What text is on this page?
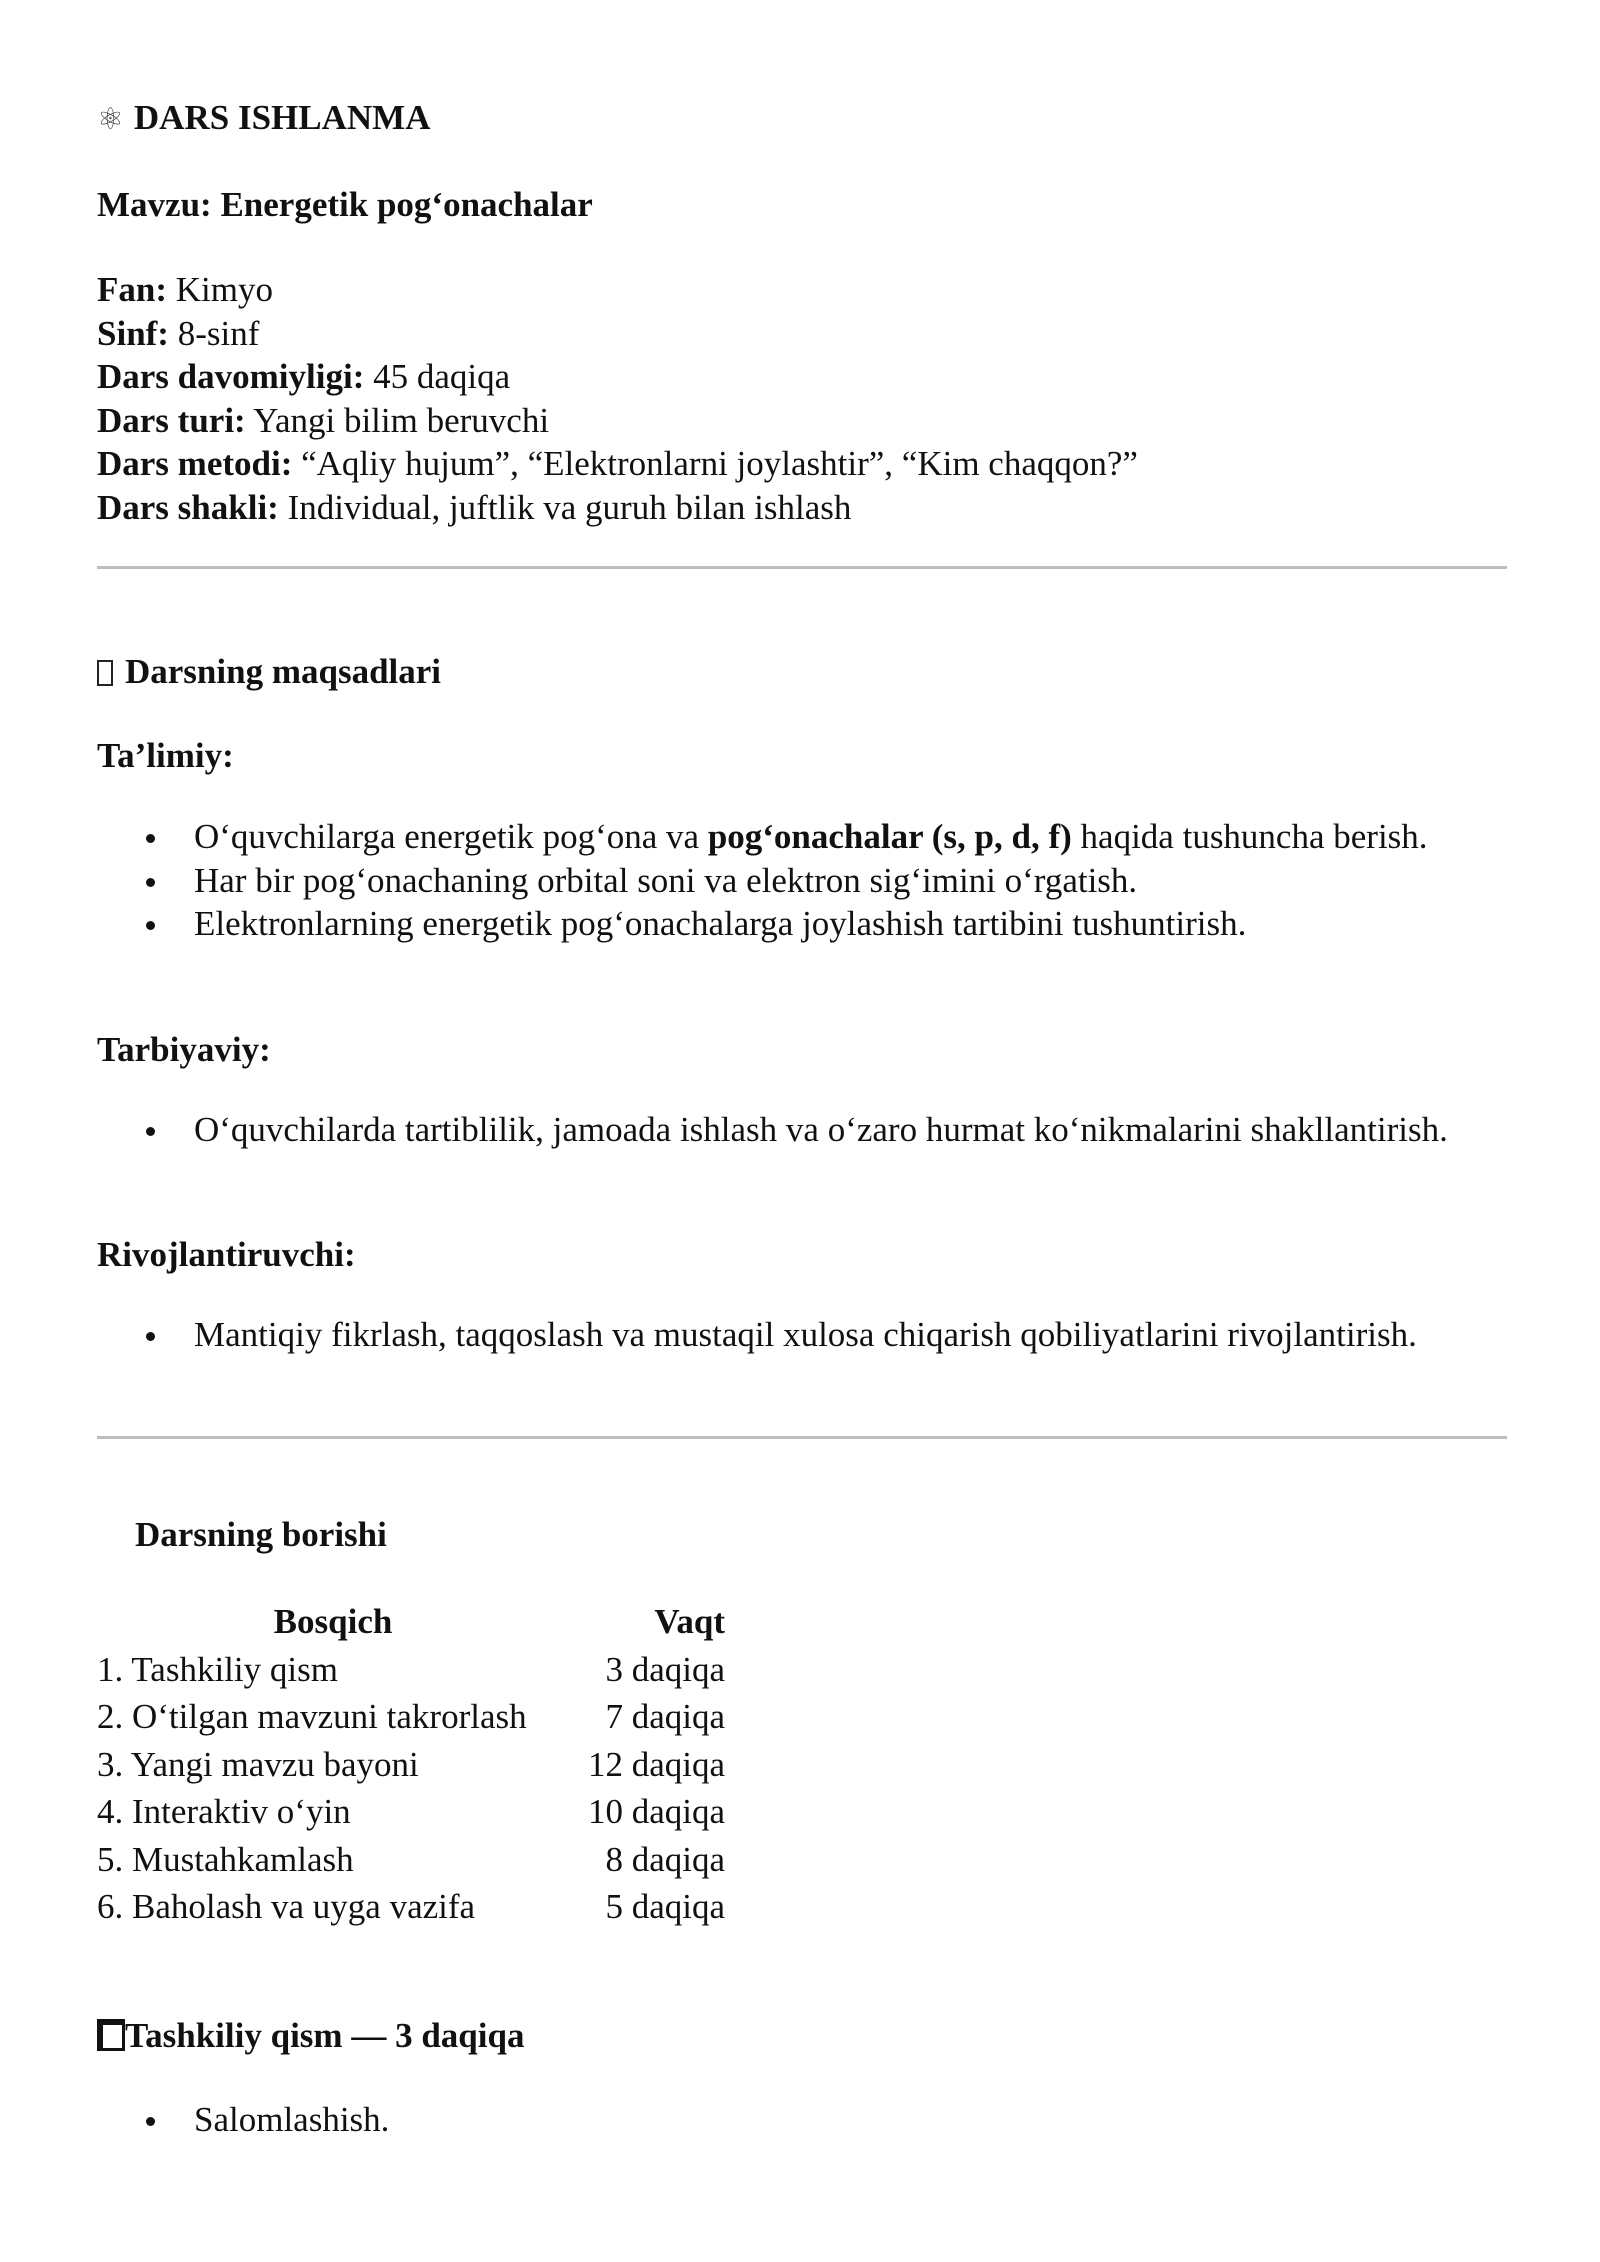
⚛ DARS ISHLANMA
Mavzu: Energetik pog‘onachalar
Fan: Kimyo
Sinf: 8-sinf
Dars davomiyligi: 45 daqiqa
Dars turi: Yangi bilim beruvchi
Dars metodi: “Aqliy hujum”, “Elektronlarni joylashtir”, “Kim chaqqon?”
Dars shakli: Individual, juftlik va guruh bilan ishlash
Darsning maqsadlari
Ta’limiy:
O‘quvchilarga energetik pog‘ona va pog‘onachalar (s, p, d, f) haqida tushuncha berish.
Har bir pog‘onachaning orbital soni va elektron sig‘imini o‘rgatish.
Elektronlarning energetik pog‘onachalarga joylashish tartibini tushuntirish.
Tarbiyaviy:
O‘quvchilarda tartiblilik, jamoada ishlash va o‘zaro hurmat ko‘nikmalarini shakllantirish.
Rivojlantiruvchi:
Mantiqiy fikrlash, taqqoslash va mustaqil xulosa chiqarish qobiliyatlarini rivojlantirish.
Darsning borishi
Bosqich	Vaqt
1. Tashkiliy qism	3 daqiqa
2. O‘tilgan mavzuni takrorlash	7 daqiqa
3. Yangi mavzu bayoni	12 daqiqa
4. Interaktiv o‘yin	10 daqiqa
5. Mustahkamlash	8 daqiqa
6. Baholash va uyga vazifa	5 daqiqa
Tashkiliy qism — 3 daqiqa
Salomlashish.
